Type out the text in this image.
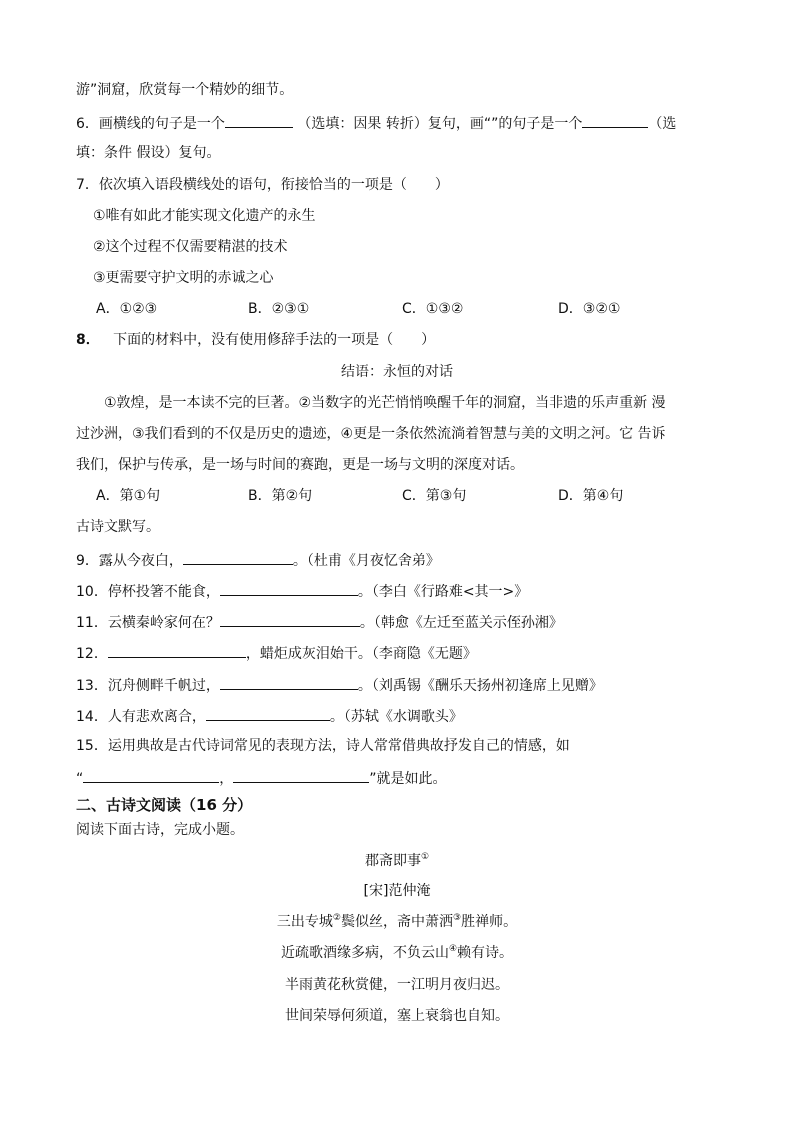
游”洞窟，欣赏每一个精妙的细节。
6．画横线的句子是一个	（选填：因果 转折）复句，画“”的句子是一个	（选
填：条件 假设）复句。
7．依次填入语段横线处的语句，衔接恰当的一项是（　　）
①唯有如此才能实现文化遗产的永生
②这个过程不仅需要精湛的技术
③更需要守护文明的赤诚之心
A．①②③	B．②③①	C．①③②	D．③②①
8． 下面的材料中，没有使用修辞手法的一项是（　　）
结语：永恒的对话
①敦煌，是一本读不完的巨著。②当数字的光芒悄悄唤醒千年的洞窟，当非遗的乐声重新 漫
过沙洲，③我们看到的不仅是历史的遗迹，④更是一条依然流淌着智慧与美的文明之河。它 告诉
我们，保护与传承，是一场与时间的赛跑，更是一场与文明的深度对话。
A．第①句	B．第②句	C．第③句	D．第④句
古诗文默写。
9．露从今夜白，	。（杜甫《月夜忆舍弟》
10．停杯投箸不能食，	。（李白《行路难<其一>》
11．云横秦岭家何在？	。（韩愈《左迁至蓝关示侄孙湘》
12．	，蜡炬成灰泪始干。（李商隐《无题》
13．沉舟侧畔千帆过，	。（刘禹锡《酬乐天扬州初逢席上见赠》
14．人有悲欢离合，	。（苏轼《水调歌头》
15．运用典故是古代诗词常见的表现方法，诗人常常借典故抒发自己的情感，如
“	，	”就是如此。
二、古诗文阅读（16 分）
阅读下面古诗，完成小题。
郡斋即事①
[宋]范仲淹
三出专城②鬓似丝，斋中萧洒③胜禅师。
近疏歌酒缘多病，不负云山④赖有诗。
半雨黄花秋赏健，一江明月夜归迟。
世间荣辱何须道，塞上衰翁也自知。
